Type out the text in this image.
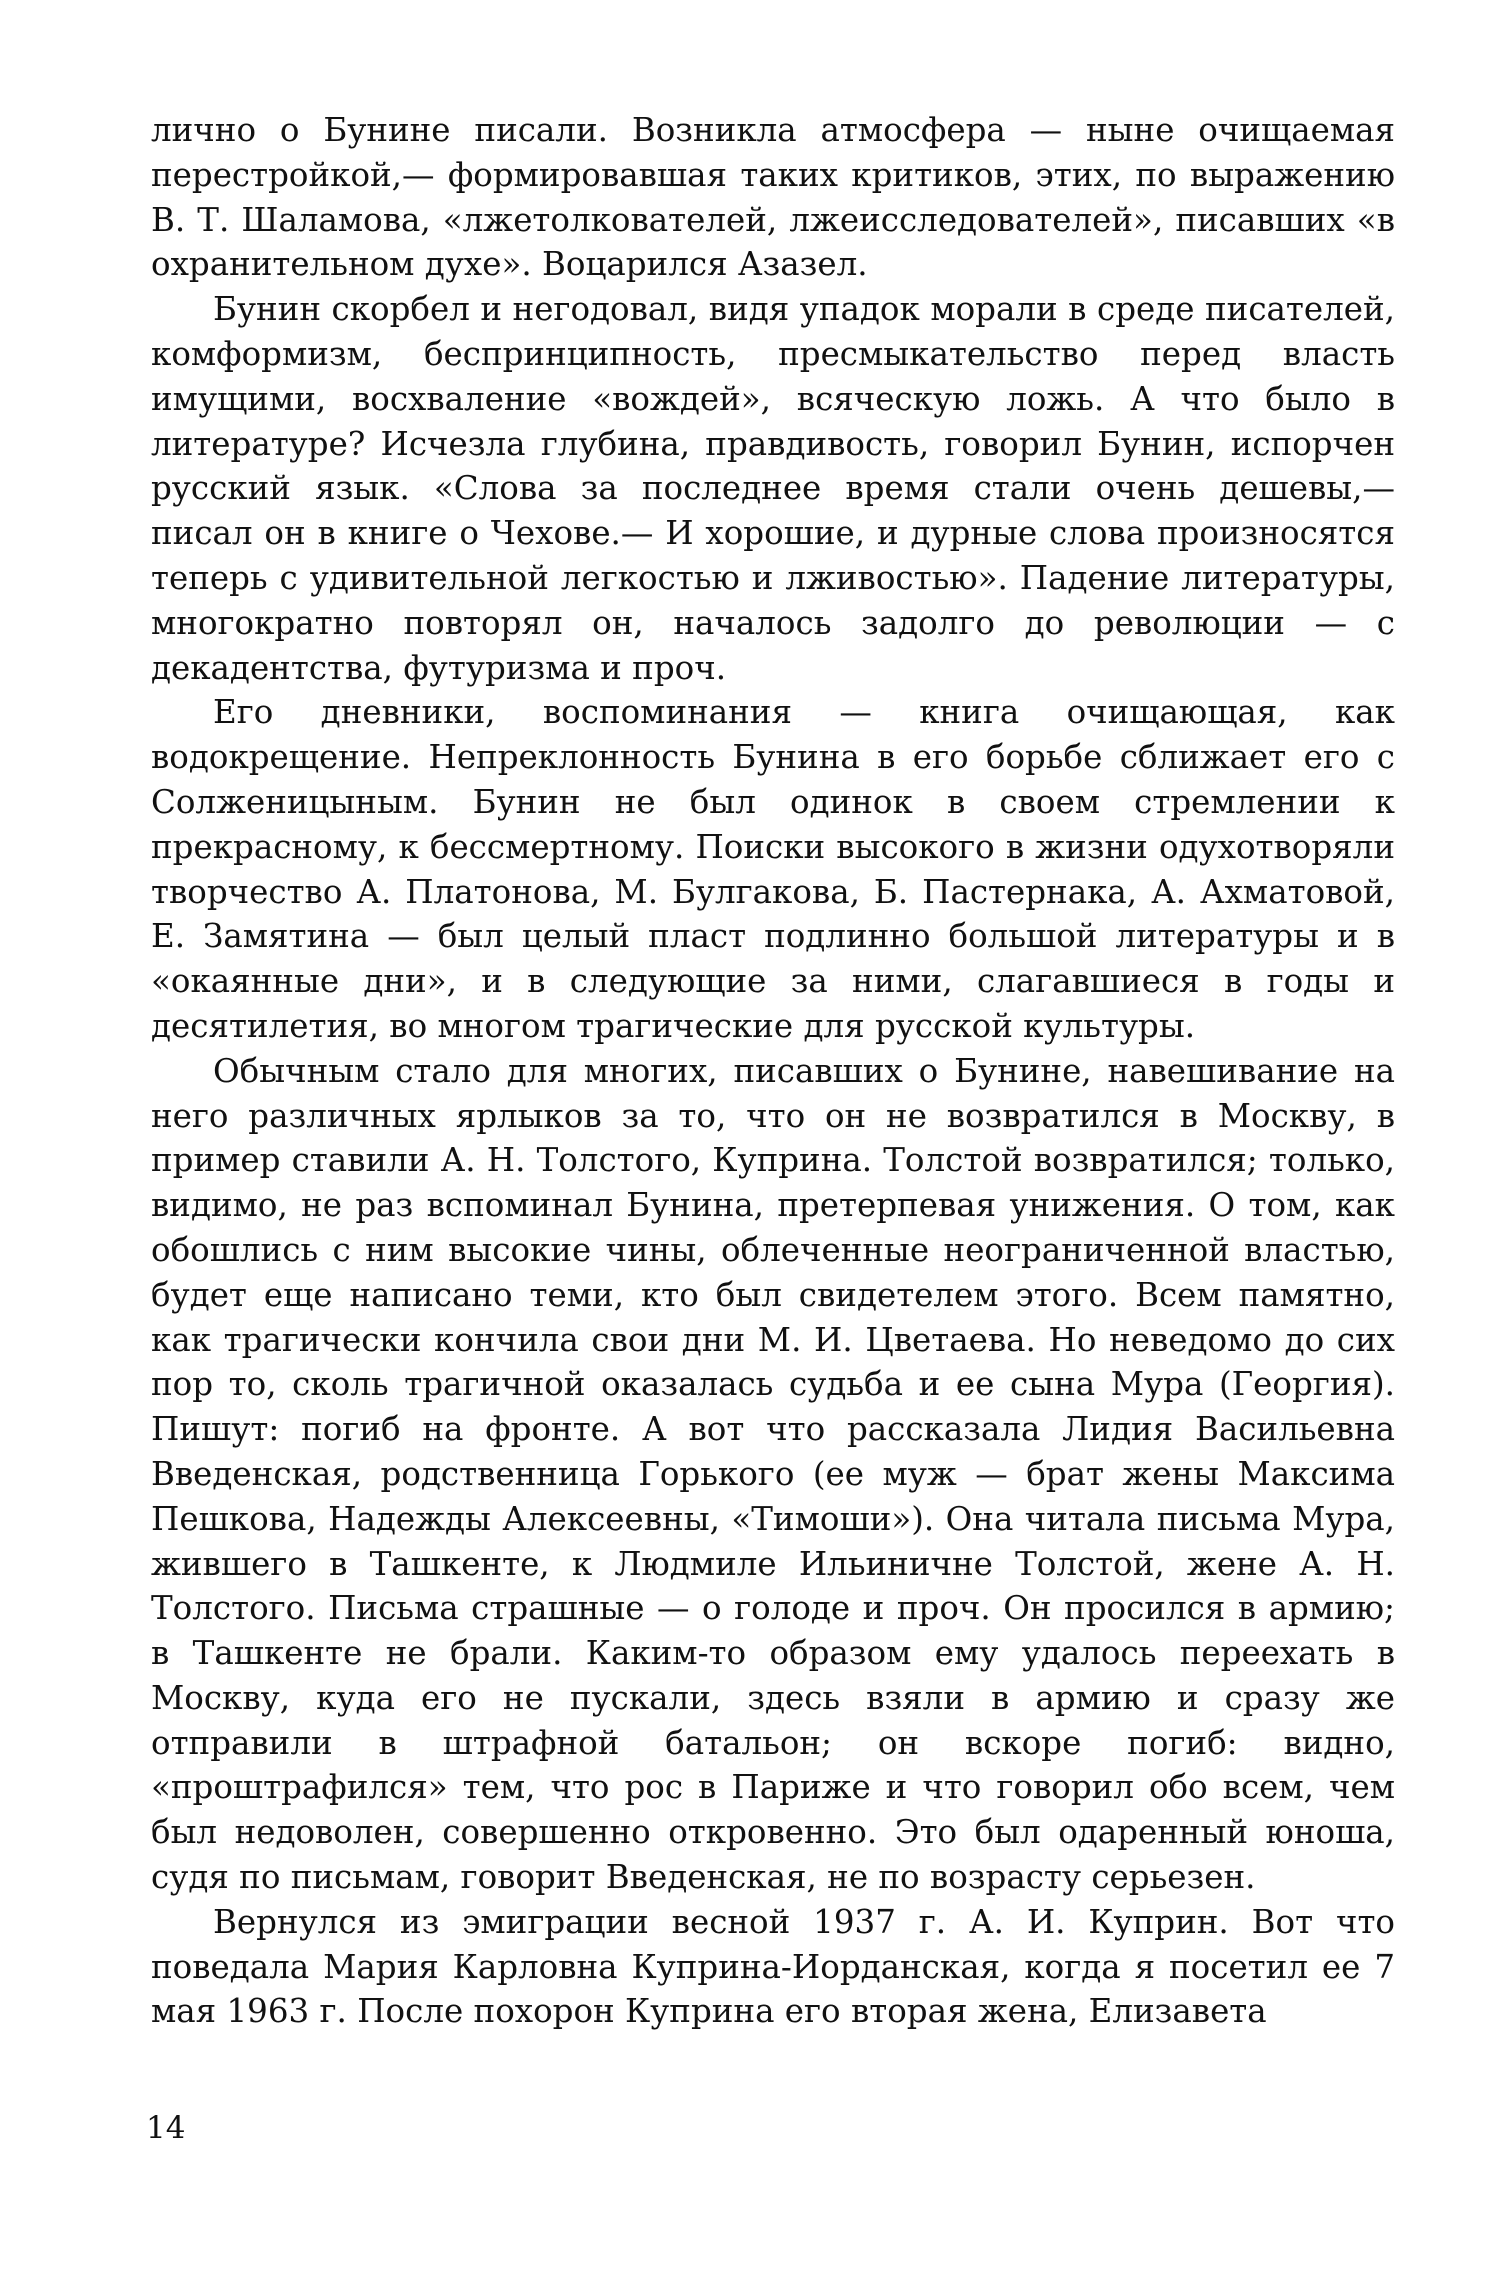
лично о Бунине писали. Возникла атмосфера — ныне очищаемая перестройкой,— формировавшая таких критиков, этих, по выражению В. Т. Шаламова, «лжетолкователей, лжеисследователей», писавших «в охранительном духе». Воцарился Азазел.

Бунин скорбел и негодовал, видя упадок морали в среде писателей, комформизм, беспринципность, пресмыкательство перед власть имущими, восхваление «вождей», всяческую ложь. А что было в литературе? Исчезла глубина, правдивость, говорил Бунин, испорчен русский язык. «Слова за последнее время стали очень дешевы,— писал он в книге о Чехове.— И хорошие, и дурные слова произносятся теперь с удивительной легкостью и лживостью». Падение литературы, многократно повторял он, началось задолго до революции — с декадентства, футуризма и проч.

Его дневники, воспоминания — книга очищающая, как водокрещение. Непреклонность Бунина в его борьбе сближает его с Солженицыным. Бунин не был одинок в своем стремлении к прекрасному, к бессмертному. Поиски высокого в жизни одухотворяли творчество А. Платонова, М. Булгакова, Б. Пастернака, А. Ахматовой, Е. Замятина — был целый пласт подлинно большой литературы и в «окаянные дни», и в следующие за ними, слагавшиеся в годы и десятилетия, во многом трагические для русской культуры.

Обычным стало для многих, писавших о Бунине, навешивание на него различных ярлыков за то, что он не возвратился в Москву, в пример ставили А. Н. Толстого, Куприна. Толстой возвратился; только, видимо, не раз вспоминал Бунина, претерпевая унижения. О том, как обошлись с ним высокие чины, облеченные неограниченной властью, будет еще написано теми, кто был свидетелем этого. Всем памятно, как трагически кончила свои дни М. И. Цветаева. Но неведомо до сих пор то, сколь трагичной оказалась судьба и ее сына Мура (Георгия). Пишут: погиб на фронте. А вот что рассказала Лидия Васильевна Введенская, родственница Горького (ее муж — брат жены Максима Пешкова, Надежды Алексеевны, «Тимоши»). Она читала письма Мура, жившего в Ташкенте, к Людмиле Ильиничне Толстой, жене А. Н. Толстого. Письма страшные — о голоде и проч. Он просился в армию; в Ташкенте не брали. Каким-то образом ему удалось переехать в Москву, куда его не пускали, здесь взяли в армию и сразу же отправили в штрафной батальон; он вскоре погиб: видно, «проштрафился» тем, что рос в Париже и что говорил обо всем, чем был недоволен, совершенно откровенно. Это был одаренный юноша, судя по письмам, говорит Введенская, не по возрасту серьезен.

Вернулся из эмиграции весной 1937 г. А. И. Куприн. Вот что поведала Мария Карловна Куприна-Иорданская, когда я посетил ее 7 мая 1963 г. После похорон Куприна его вторая жена, Елизавета

14
